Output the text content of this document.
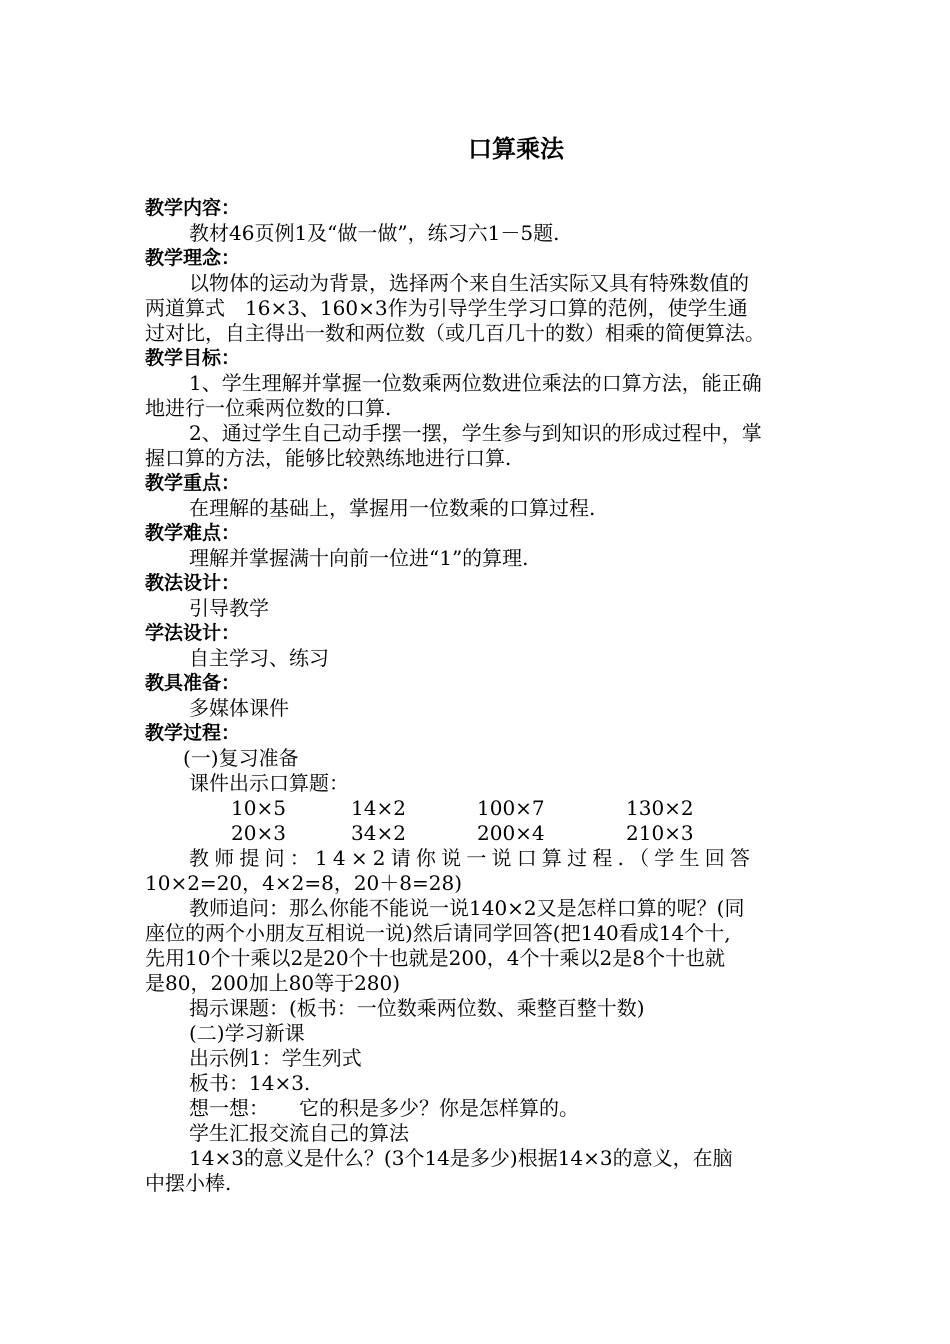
口算乘法
教学内容：
教材46页例1及“做一做”，练习六1－5题.
教学理念：
以物体的运动为背景，选择两个来自生活实际又具有特殊数值的
两道算式　16×3、160×3作为引导学生学习口算的范例，使学生通
过对比，自主得出一数和两位数（或几百几十的数）相乘的简便算法。
教学目标：
1、学生理解并掌握一位数乘两位数进位乘法的口算方法，能正确
地进行一位乘两位数的口算.
2、通过学生自己动手摆一摆，学生参与到知识的形成过程中，掌
握口算的方法，能够比较熟练地进行口算.
教学重点：
在理解的基础上，掌握用一位数乘的口算过程.
教学难点：
理解并掌握满十向前一位进“1”的算理.
教法设计：
引导教学
学法设计：
自主学习、练习
教具准备：
多媒体课件
教学过程：
(一)复习准备
课件出示口算题：
10×5	14×2	100×7	130×2
20×3	34×2	200×4	210×3
教师提问：14×2请你说一说口算过程.（学生回答
10×2=20，4×2=8，20＋8=28)
教师追问：那么你能不能说一说140×2又是怎样口算的呢？(同
座位的两个小朋友互相说一说)然后请同学回答(把140看成14个十,
先用10个十乘以2是20个十也就是200，4个十乘以2是8个十也就
是80，200加上80等于280)
揭示课题：(板书：一位数乘两位数、乘整百整十数)
(二)学习新课
出示例1：学生列式
板书：14×3.
想一想：　　它的积是多少？你是怎样算的。
学生汇报交流自己的算法
14×3的意义是什么？(3个14是多少)根据14×3的意义，在脑
中摆小棒.
